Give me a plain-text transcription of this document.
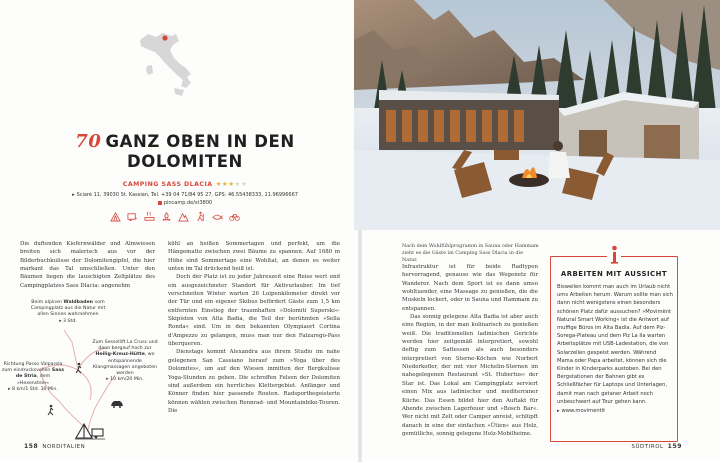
70 GANZ OBEN IN DEN
DOLOMITEN
CAMPING SASS DLACIA ★★★★★
▸ Sciarè 11, 39030 St. Kassian, Tel. +39 04 71/84 95 27, GPS: 46.55438333, 11.96996667
pincamp.de/st3800

Die duftenden Kiefernwälder und Almwiesen breiten sich malerisch aus vor der Bilderbuchkulisse der Dolomitengipfel, die hier markant das Tal umschließen. Unter den Bäumen liegen die lauschigten Zeltplätze des Campingplatzes Sass Dlacia: angenehm

Beim alpinen Waldbaden vom Campingplatz aus die Natur mit allen Sinnen wahrnehmen
▸ 3 Std.
Zum Sessellift La Crusc und dann bergauf hoch zur Heilig-Kreuz-Hütte, wo entspannende Klangmassagen angeboten werden
▸ 10 km/20 Min.
Richtung Passo Valparola zum eindrucksvollen Sass de Stria, dem »Hexenstein«
▸ 8 km/1 Std. 30 Min.

kühl an heißen Sommertagen und perfekt, um die Hängematte zwischen zwei Bäume zu spannen. Auf 1680 m Höhe sind Sommertage eine Wohltat, an denen es weiter unten im Tal drückend heiß ist.

Doch der Platz ist zu jeder Jahreszeit eine Reise wert und ein ausgezeichneter Standort für Aktivurlauber. Im tief verschneiten Winter warten 26 Loipenkilometer direkt vor der Tür und ein eigener Skibus befördert Gäste zum 1,5 km entfernten Einstieg der traumhaften »Dolomiti Superski«-Skipisten von Alta Badia, die Teil der berühmten »Sella Ronda« sind. Um in den bekannten Olympiaort Cortina d'Ampezzo zu gelangen, muss man nur den Falzarego-Pass überqueren.

Dienstags kommt Alexandra aus ihrem Studio im nahe gelegenen San Cassiano herauf zum »Yoga über des Dolomites«, um auf den Wiesen inmitten der Bergkulisse Yoga-Stunden zu geben. Die schroffen Felsen der Dolomiten sind außerdem ein herrliches Klettergebiet. Anfänger und Könner finden hier passende Routen. Radsportbegeisterte können wählen zwischen Rennrad- und Mountainbike-Touren. Die

Nach dem Wohlfühlprogramm in Sauna oder Hammam zieht es die Gäste im Camping Sass Dlacia in die Natur.

Infrastruktur ist für beide Radtypen hervorragend, genauso wie das Wegenetz für Wanderer. Nach dem Sport ist es dann umso wohltuender, eine Massage zu genießen, die die Muskeln lockert, oder in Sauna und Hammam zu entspannen.

Das sonnig gelegene Alta Badia ist aber auch eine Region, in der man kulinarisch zu genießen weiß. Die traditionellen ladinischen Gerichte werden hier zeitgemäß interpretiert, sowohl deftig zum Sattessen als auch besonders interpretiert von Sterne-Köchen wie Norbert Niederkofler, der mit vier Michelin-Sternen im nahegelegenen Restaurant »St. Hubertus« der Star ist. Das Lokal am Campingplatz serviert einen Mix aus ladinischer und mediterraner Küche. Das Essen bildet hier den Auftakt für Abende zwischen Lagerfeuer und »Bosch Bar«. Wer nicht mit Zelt oder Camper anreist, schlüpft danach in eine der einfachen »Ütien« aus Holz, gemütliche, sonnig gelegene Holz-Mobilheime.

ARBEITEN MIT AUSSICHT
Bisweilen kommt man auch im Urlaub nicht ums Arbeiten herum. Warum sollte man sich dann nicht wenigstens einen besonders schönen Platz dafür aussuchen? »Movimënt Natural Smart Working« ist die Antwort auf muffige Büros im Alta Badia. Auf dem Piz-Sorega-Plateau und dem Piz La Ila warten Arbeitsplätze mit USB-Ladestation, die von Solarzellen gespeist werden. Während Mama oder Papa arbeitet, können sich die Kinder in Kinderparks austoben. Bei den Bergstationen der Bahnen gibt es Schließfächer für Laptops und Unterlagen, damit man nach getaner Arbeit noch unbeschwert auf Tour gehen kann.
▸ www.movimentit
158 NORDITALIEN	SÜDTIROL 159
